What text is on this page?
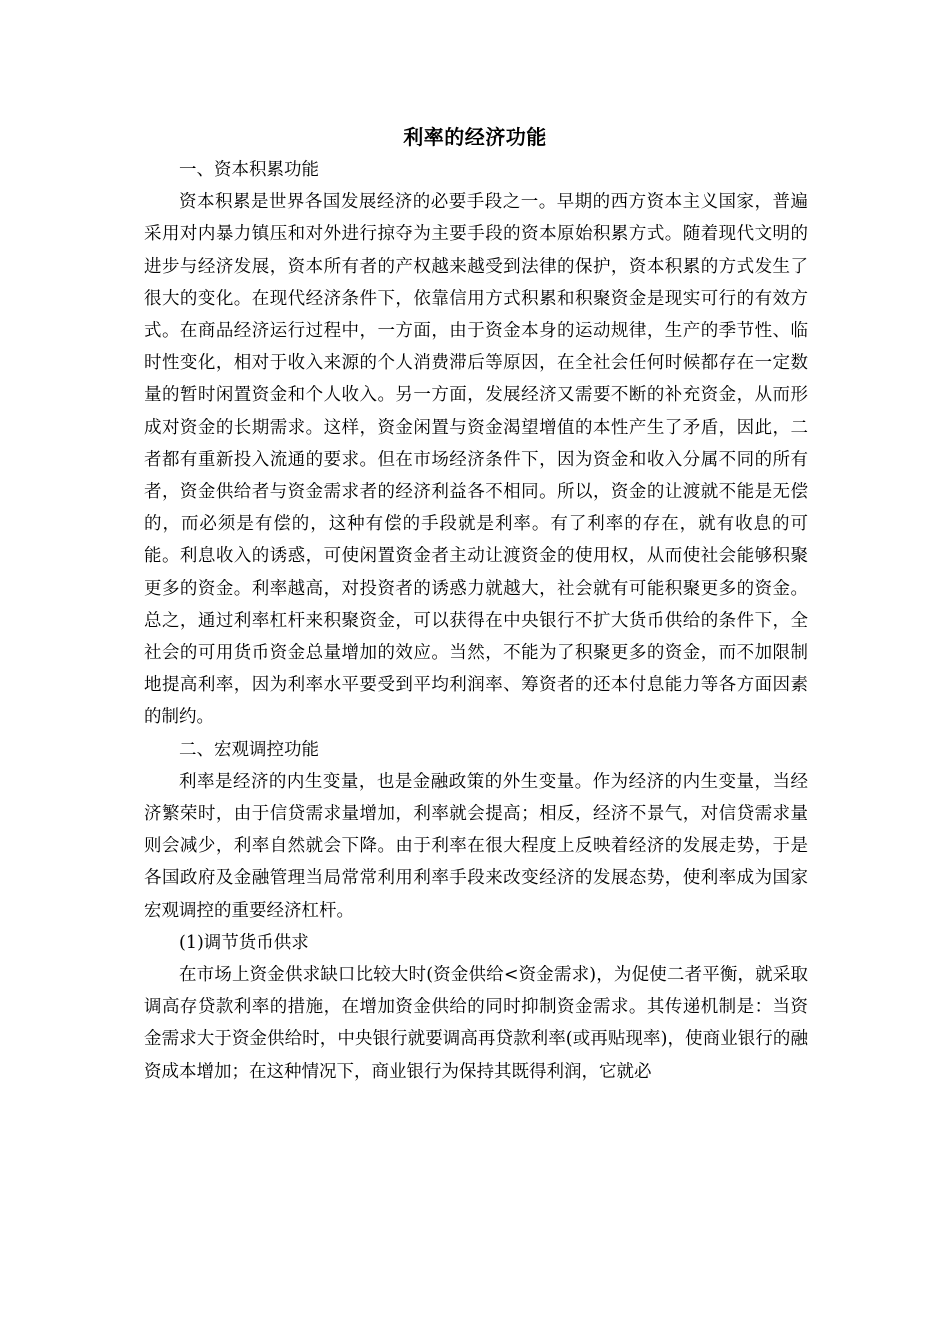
利率的经济功能

一、资本积累功能

资本积累是世界各国发展经济的必要手段之一。早期的西方资本主义国家，普遍采用对内暴力镇压和对外进行掠夺为主要手段的资本原始积累方式。随着现代文明的进步与经济发展，资本所有者的产权越来越受到法律的保护，资本积累的方式发生了很大的变化。在现代经济条件下，依靠信用方式积累和积聚资金是现实可行的有效方式。在商品经济运行过程中，一方面，由于资金本身的运动规律，生产的季节性、临时性变化，相对于收入来源的个人消费滞后等原因，在全社会任何时候都存在一定数量的暂时闲置资金和个人收入。另一方面，发展经济又需要不断的补充资金，从而形成对资金的长期需求。这样，资金闲置与资金渴望增值的本性产生了矛盾，因此，二者都有重新投入流通的要求。但在市场经济条件下，因为资金和收入分属不同的所有者，资金供给者与资金需求者的经济利益各不相同。所以，资金的让渡就不能是无偿的，而必须是有偿的，这种有偿的手段就是利率。有了利率的存在，就有收息的可能。利息收入的诱惑，可使闲置资金者主动让渡资金的使用权，从而使社会能够积聚更多的资金。利率越高，对投资者的诱惑力就越大，社会就有可能积聚更多的资金。总之，通过利率杠杆来积聚资金，可以获得在中央银行不扩大货币供给的条件下，全社会的可用货币资金总量增加的效应。当然，不能为了积聚更多的资金，而不加限制地提高利率，因为利率水平要受到平均利润率、筹资者的还本付息能力等各方面因素的制约。

二、宏观调控功能

利率是经济的内生变量，也是金融政策的外生变量。作为经济的内生变量，当经济繁荣时，由于信贷需求量增加，利率就会提高；相反，经济不景气，对信贷需求量则会减少，利率自然就会下降。由于利率在很大程度上反映着经济的发展走势，于是各国政府及金融管理当局常常利用利率手段来改变经济的发展态势，使利率成为国家宏观调控的重要经济杠杆。

(1)调节货币供求

在市场上资金供求缺口比较大时(资金供给<资金需求)，为促使二者平衡，就采取调高存贷款利率的措施，在增加资金供给的同时抑制资金需求。其传递机制是：当资金需求大于资金供给时，中央银行就要调高再贷款利率(或再贴现率)，使商业银行的融资成本增加；在这种情况下，商业银行为保持其既得利润，它就必
